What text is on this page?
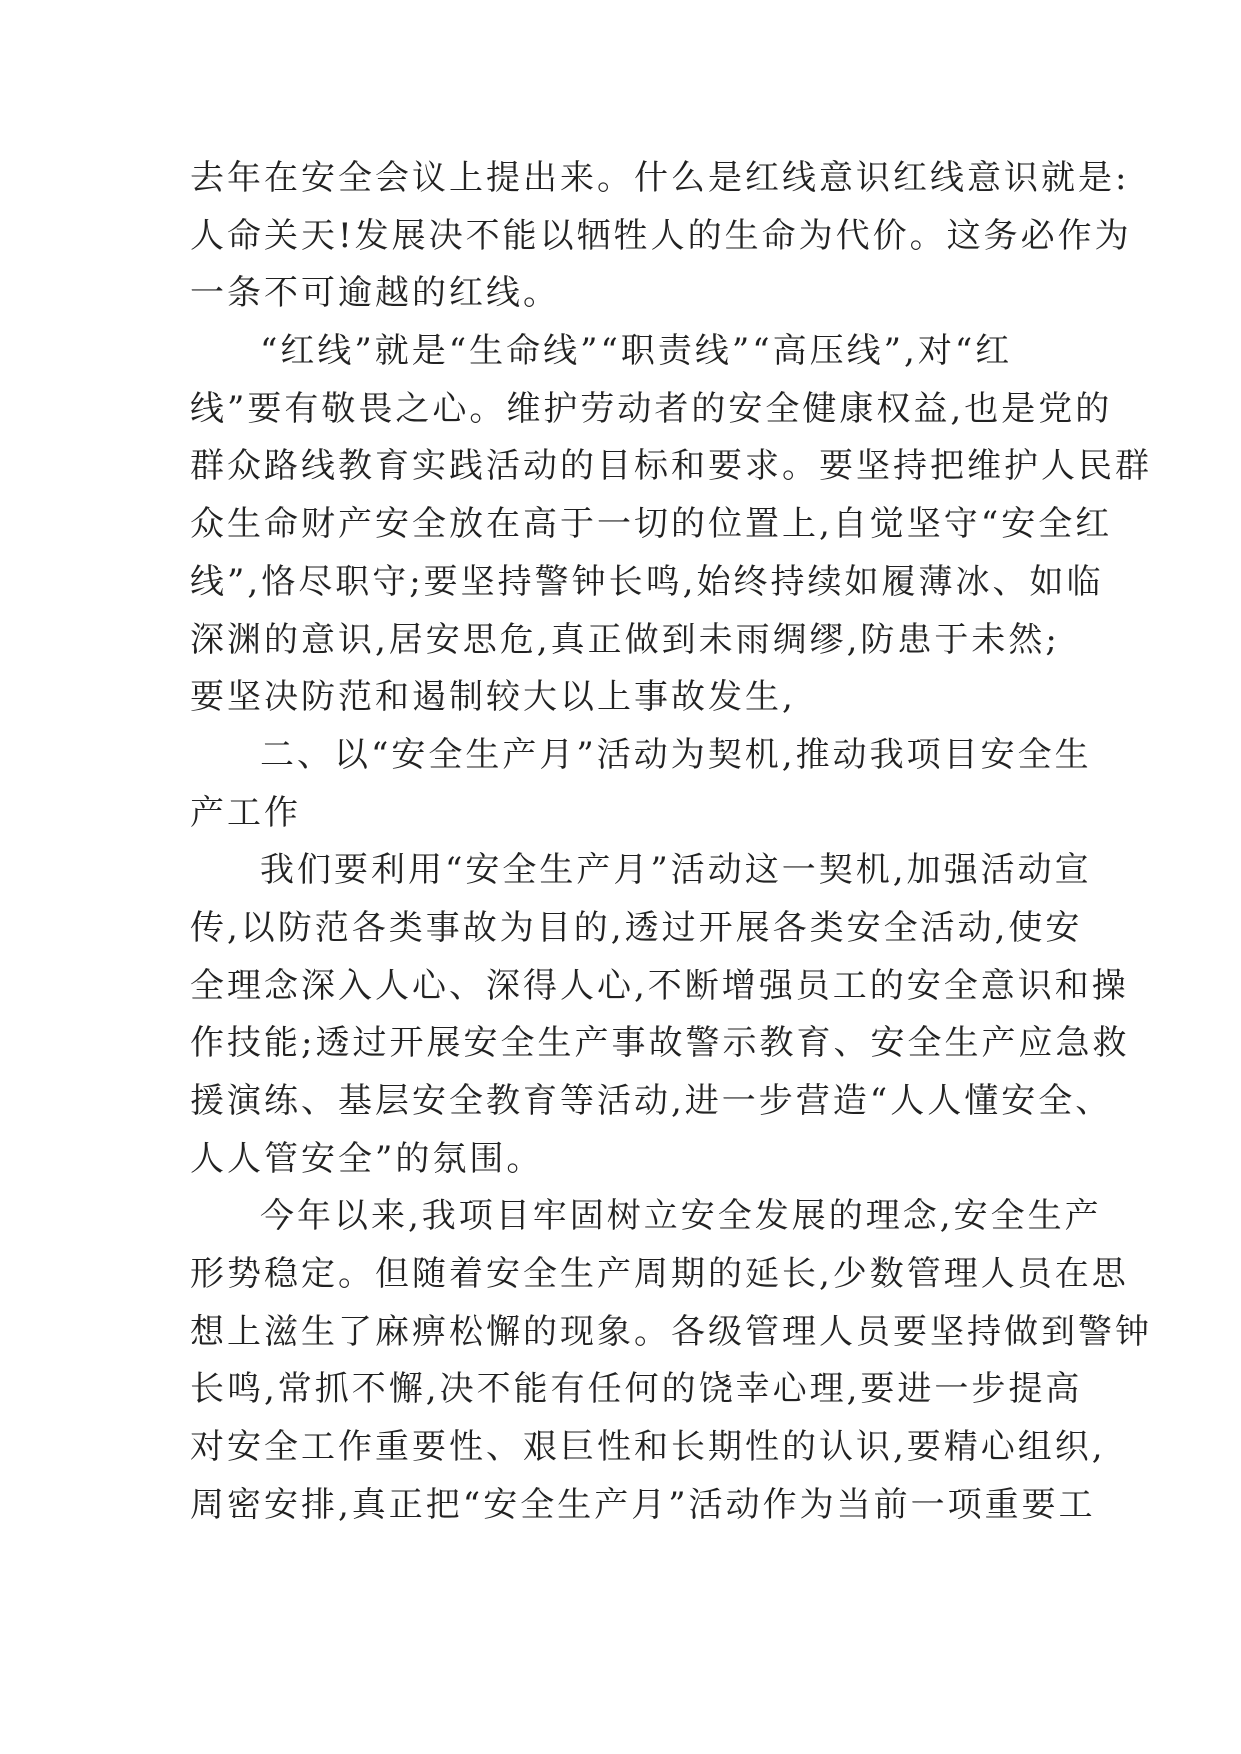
去年在安全会议上提出来。什么是红线意识红线意识就是:
人命关天!发展决不能以牺牲人的生命为代价。这务必作为
一条不可逾越的红线。
“红线”就是“生命线”“职责线”“高压线”,对“红
线”要有敬畏之心。维护劳动者的安全健康权益,也是党的
群众路线教育实践活动的目标和要求。要坚持把维护人民群
众生命财产安全放在高于一切的位置上,自觉坚守“安全红
线”,恪尽职守;要坚持警钟长鸣,始终持续如履薄冰、如临
深渊的意识,居安思危,真正做到未雨绸缪,防患于未然;
要坚决防范和遏制较大以上事故发生,
二、以“安全生产月”活动为契机,推动我项目安全生
产工作
我们要利用“安全生产月”活动这一契机,加强活动宣
传,以防范各类事故为目的,透过开展各类安全活动,使安
全理念深入人心、深得人心,不断增强员工的安全意识和操
作技能;透过开展安全生产事故警示教育、安全生产应急救
援演练、基层安全教育等活动,进一步营造“人人懂安全、
人人管安全”的氛围。
今年以来,我项目牢固树立安全发展的理念,安全生产
形势稳定。但随着安全生产周期的延长,少数管理人员在思
想上滋生了麻痹松懈的现象。各级管理人员要坚持做到警钟
长鸣,常抓不懈,决不能有任何的饶幸心理,要进一步提高
对安全工作重要性、艰巨性和长期性的认识,要精心组织,
周密安排,真正把“安全生产月”活动作为当前一项重要工
